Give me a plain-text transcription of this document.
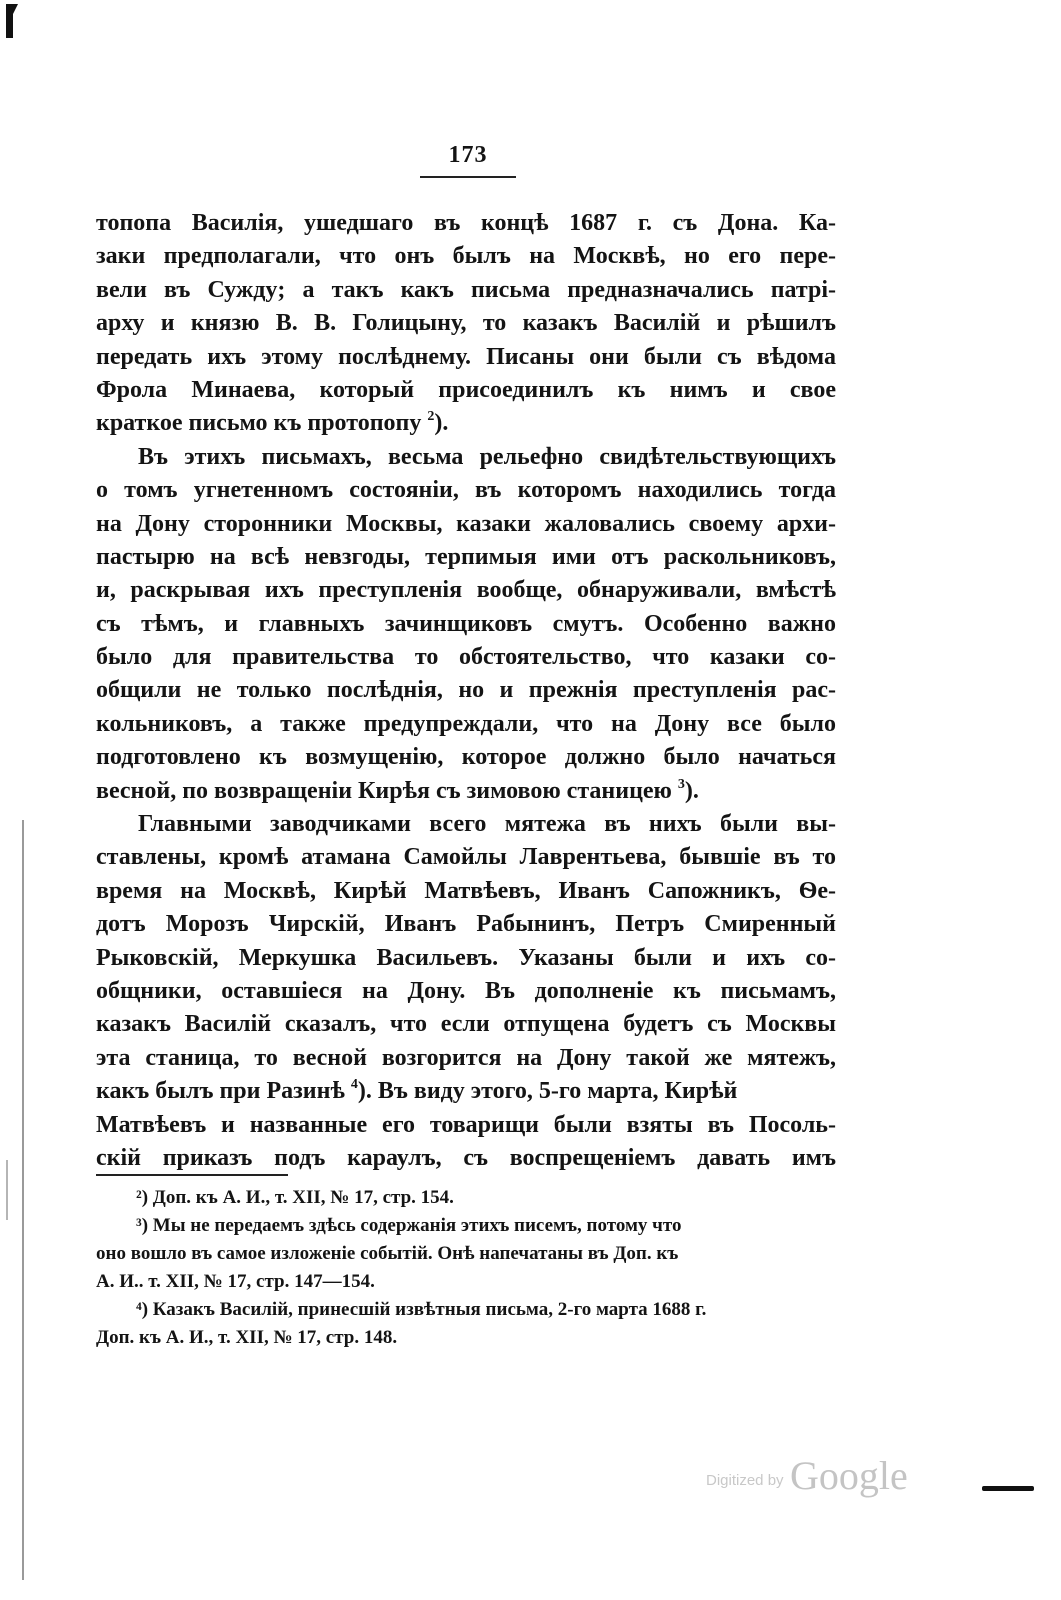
173
топопа Василія, ушедшаго въ концѣ 1687 г. съ Дона. Ка-
заки предполагали, что онъ былъ на Москвѣ, но его пере-
вели въ Суждy; а такъ какъ письма предназначались патрі-
арху и князю В. В. Голицыну, то казакъ Василій и рѣшилъ
передать ихъ этому послѣднему. Писаны они были съ вѣдома
Фрола Минаева, который присоединилъ къ нимъ и свое
краткое письмо къ протопопу $^2$).
Въ этихъ письмахъ, весьма рельефно свидѣтельствующихъ
о томъ угнетенномъ состояніи, въ которомъ находились тогда
на Дону сторонники Москвы, казаки жаловались своему архи-
пастырю на всѣ невзгоды, терпимыя ими отъ раскольниковъ,
и, раскрывая ихъ преступленія вообще, обнаруживали, вмѣстѣ
съ тѣмъ, и главныхъ зачинщиковъ смутъ. Особенно важно
было для правительства то обстоятельство, что казаки со-
общили не только послѣднія, но и прежнія преступленія рас-
кольниковъ, а также предупреждали, что на Дону все было
подготовлено къ возмущенію, которое должно было начаться
весной, по возвращеніи Кирѣя съ зимовою станицею $^3$).
Главными заводчиками всего мятежа въ нихъ были вы-
ставлены, кромѣ атамана Самойлы Лаврентьева, бывшіе въ то
время на Москвѣ, Кирѣй Матвѣевъ, Иванъ Сапожникъ, Ѳе-
дотъ Морозъ Чирскій, Иванъ Рабынинъ, Петръ Смиренный
Рыковскій, Меркушка Васильевъ. Указаны были и ихъ со-
общники, оставшіеся на Дону. Въ дополненіе къ письмамъ,
казакъ Василій сказалъ, что если отпущена будетъ съ Москвы
эта станица, то весной возгорится на Дону такой же мятежъ,
какъ былъ при Разинѣ $^4$). Въ виду этого, 5-го марта, Кирѣй
Матвѣевъ и названные его товарищи были взяты въ Посоль-
скій приказъ подъ караулъ, съ воспрещеніемъ давать имъ
²) Доп. къ А. И., т. XII, № 17, стр. 154.
³) Мы не передаемъ здѣсь содержанія этихъ писемъ, потому что
оно вошло въ самое изложеніе событій. Онѣ напечатаны въ Доп. къ
А. И.. т. XII, № 17, стр. 147—154.
⁴) Казакъ Василій, принесшій извѣтныя письма, 2-го марта 1688 г.
Доп. къ А. И., т. XII, № 17, стр. 148.
Digitized by Google
